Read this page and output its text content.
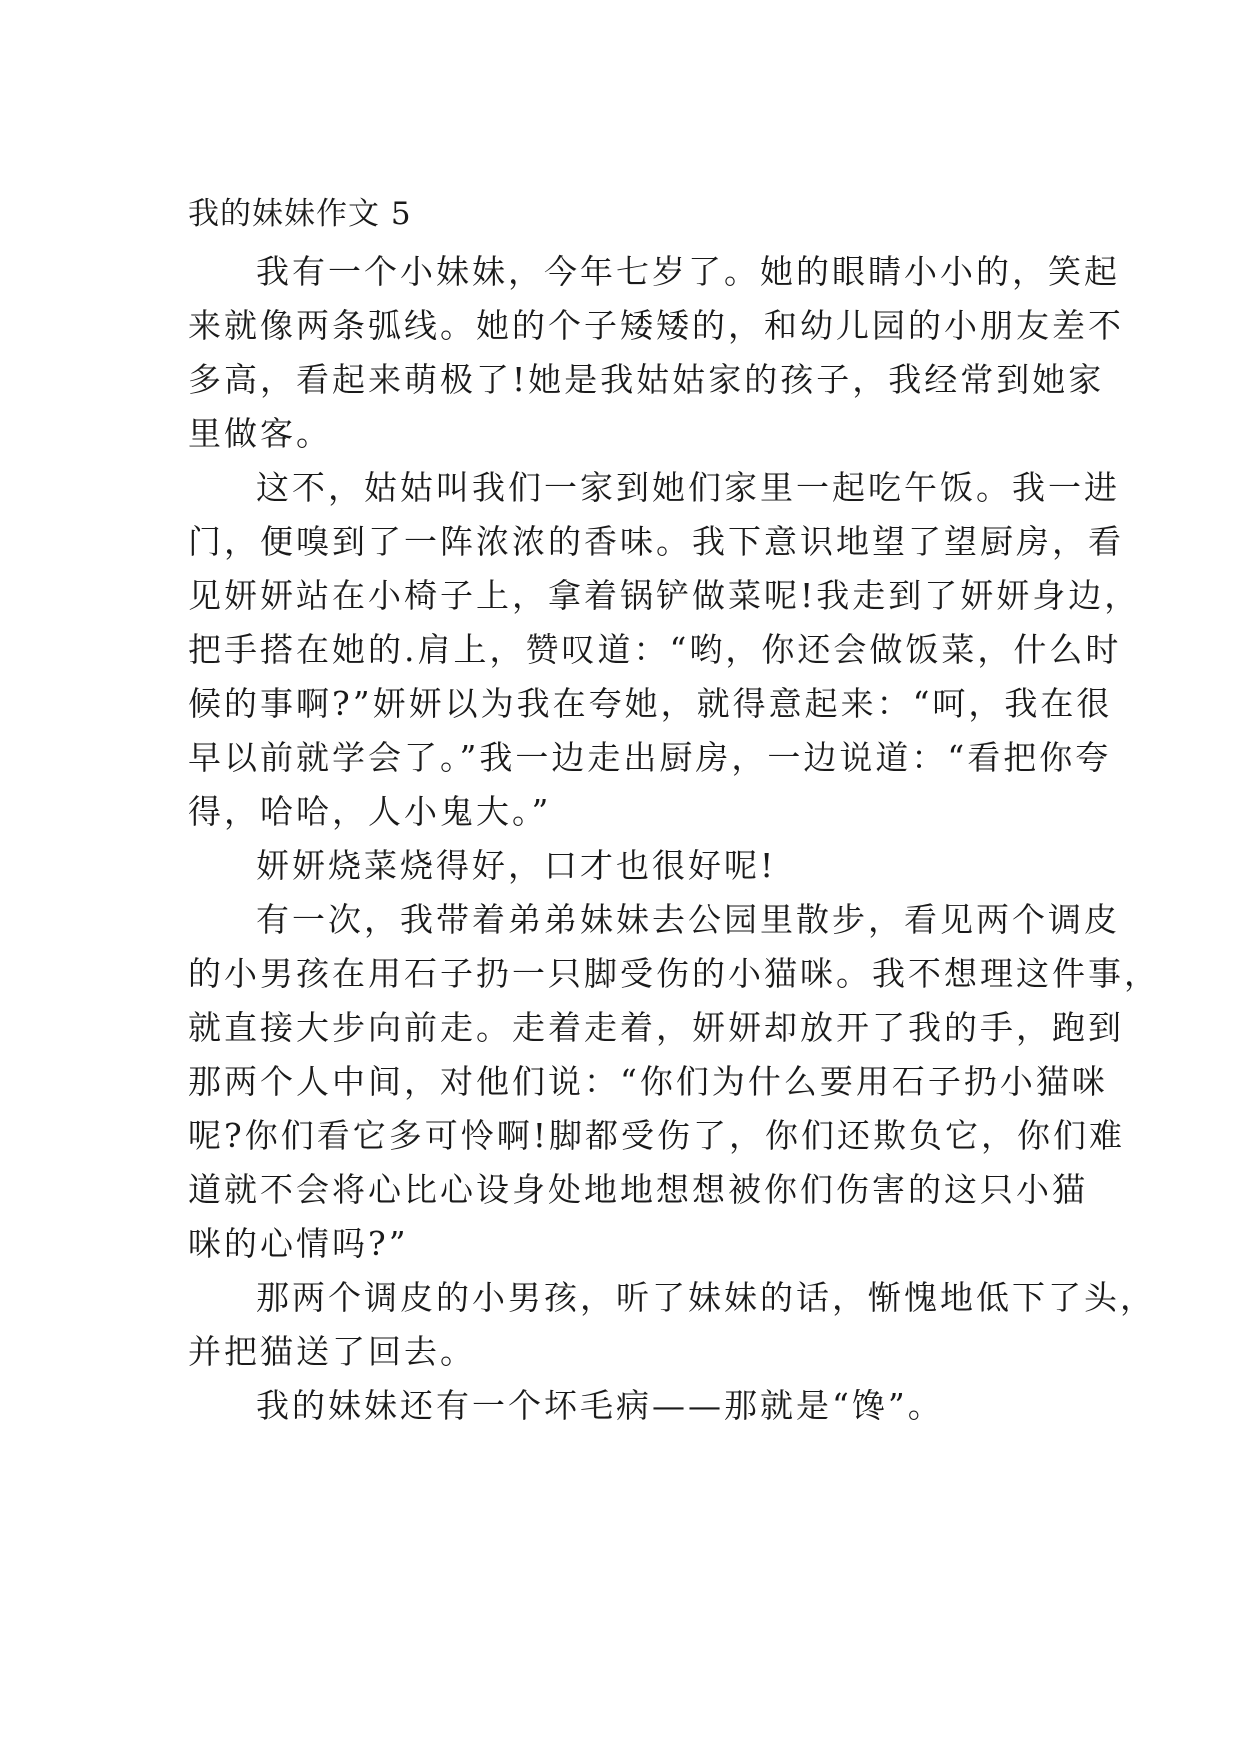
我的妹妹作文 5
我有一个小妹妹，今年七岁了。她的眼睛小小的，笑起
来就像两条弧线。她的个子矮矮的，和幼儿园的小朋友差不
多高，看起来萌极了!她是我姑姑家的孩子，我经常到她家
里做客。
这不，姑姑叫我们一家到她们家里一起吃午饭。我一进
门，便嗅到了一阵浓浓的香味。我下意识地望了望厨房，看
见妍妍站在小椅子上，拿着锅铲做菜呢!我走到了妍妍身边，
把手搭在她的.肩上，赞叹道：“哟，你还会做饭菜，什么时
候的事啊?”妍妍以为我在夸她，就得意起来：“呵，我在很
早以前就学会了。”我一边走出厨房，一边说道：“看把你夸
得，哈哈，人小鬼大。”
妍妍烧菜烧得好，口才也很好呢!
有一次，我带着弟弟妹妹去公园里散步，看见两个调皮
的小男孩在用石子扔一只脚受伤的小猫咪。我不想理这件事，
就直接大步向前走。走着走着，妍妍却放开了我的手，跑到
那两个人中间，对他们说：“你们为什么要用石子扔小猫咪
呢?你们看它多可怜啊!脚都受伤了，你们还欺负它，你们难
道就不会将心比心设身处地地想想被你们伤害的这只小猫
咪的心情吗?”
那两个调皮的小男孩，听了妹妹的话，惭愧地低下了头，
并把猫送了回去。
我的妹妹还有一个坏毛病——那就是“馋”。
